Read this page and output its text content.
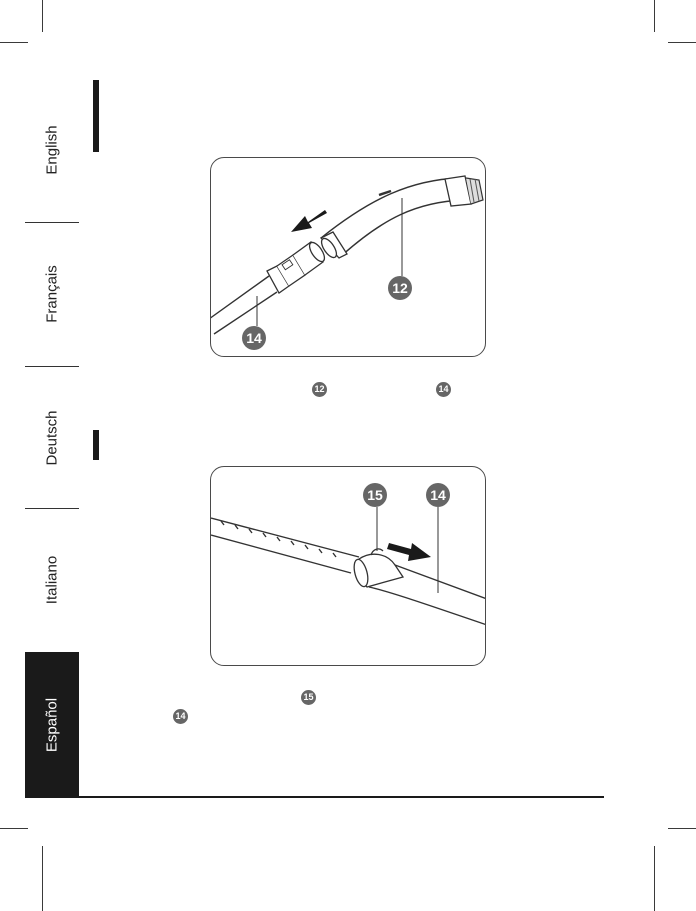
English
Français
Deutsch
Italiano
Español
12
14
12	14
15	14
15
14
